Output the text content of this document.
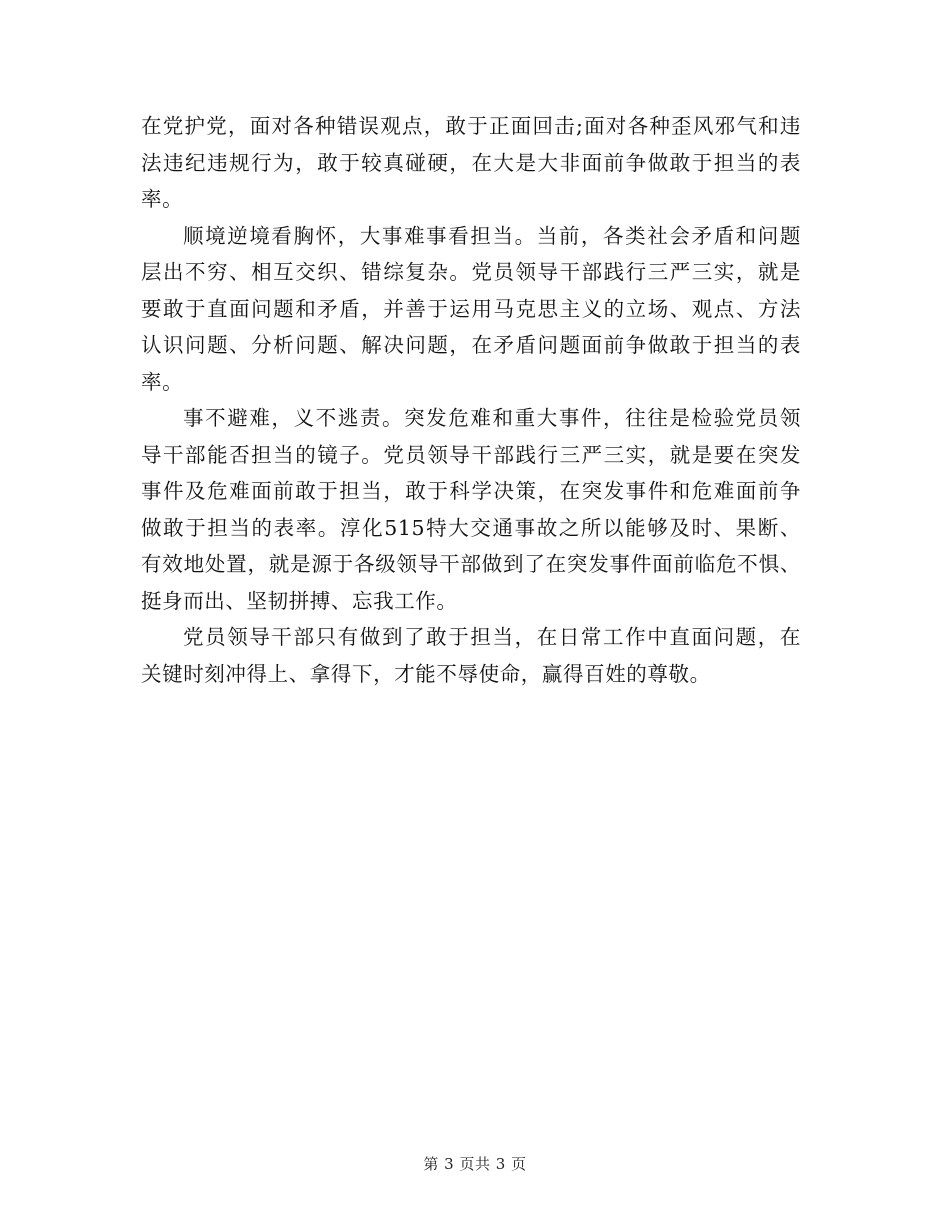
在党护党，面对各种错误观点，敢于正面回击;面对各种歪风邪气和违
法违纪违规行为，敢于较真碰硬，在大是大非面前争做敢于担当的表
率。

顺境逆境看胸怀，大事难事看担当。当前，各类社会矛盾和问题
层出不穷、相互交织、错综复杂。党员领导干部践行三严三实，就是
要敢于直面问题和矛盾，并善于运用马克思主义的立场、观点、方法
认识问题、分析问题、解决问题，在矛盾问题面前争做敢于担当的表
率。

事不避难，义不逃责。突发危难和重大事件，往往是检验党员领
导干部能否担当的镜子。党员领导干部践行三严三实，就是要在突发
事件及危难面前敢于担当，敢于科学决策，在突发事件和危难面前争
做敢于担当的表率。淳化515特大交通事故之所以能够及时、果断、
有效地处置，就是源于各级领导干部做到了在突发事件面前临危不惧、
挺身而出、坚韧拼搏、忘我工作。

党员领导干部只有做到了敢于担当，在日常工作中直面问题，在
关键时刻冲得上、拿得下，才能不辱使命，赢得百姓的尊敬。

第 3 页共 3 页
